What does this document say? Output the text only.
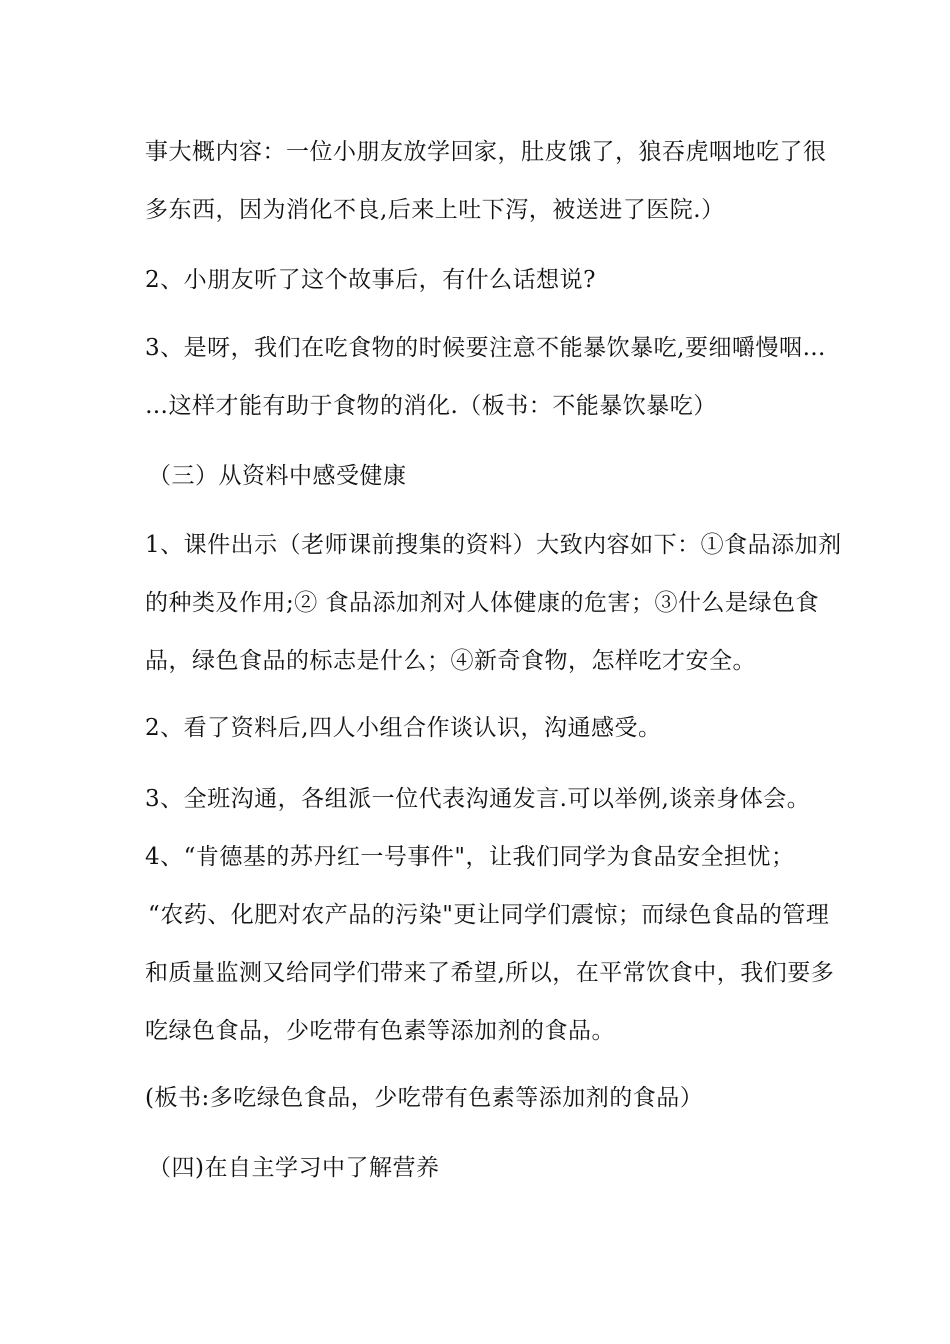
事大概内容：一位小朋友放学回家，肚皮饿了，狼吞虎咽地吃了很
多东西，因为消化不良,后来上吐下泻，被送进了医院.）
2、小朋友听了这个故事后，有什么话想说?
3、是呀，我们在吃食物的时候要注意不能暴饮暴吃,要细嚼慢咽…
…这样才能有助于食物的消化.（板书：不能暴饮暴吃）
（三）从资料中感受健康
1、课件出示（老师课前搜集的资料）大致内容如下：①食品添加剂
的种类及作用;② 食品添加剂对人体健康的危害；③什么是绿色食
品，绿色食品的标志是什么；④新奇食物，怎样吃才安全。
2、看了资料后,四人小组合作谈认识，沟通感受。
3、全班沟通，各组派一位代表沟通发言.可以举例,谈亲身体会。
4、“肯德基的苏丹红一号事件"，让我们同学为食品安全担忧；
“农药、化肥对农产品的污染"更让同学们震惊；而绿色食品的管理
和质量监测又给同学们带来了希望,所以，在平常饮食中，我们要多
吃绿色食品，少吃带有色素等添加剂的食品。
(板书:多吃绿色食品，少吃带有色素等添加剂的食品）
（四)在自主学习中了解营养
